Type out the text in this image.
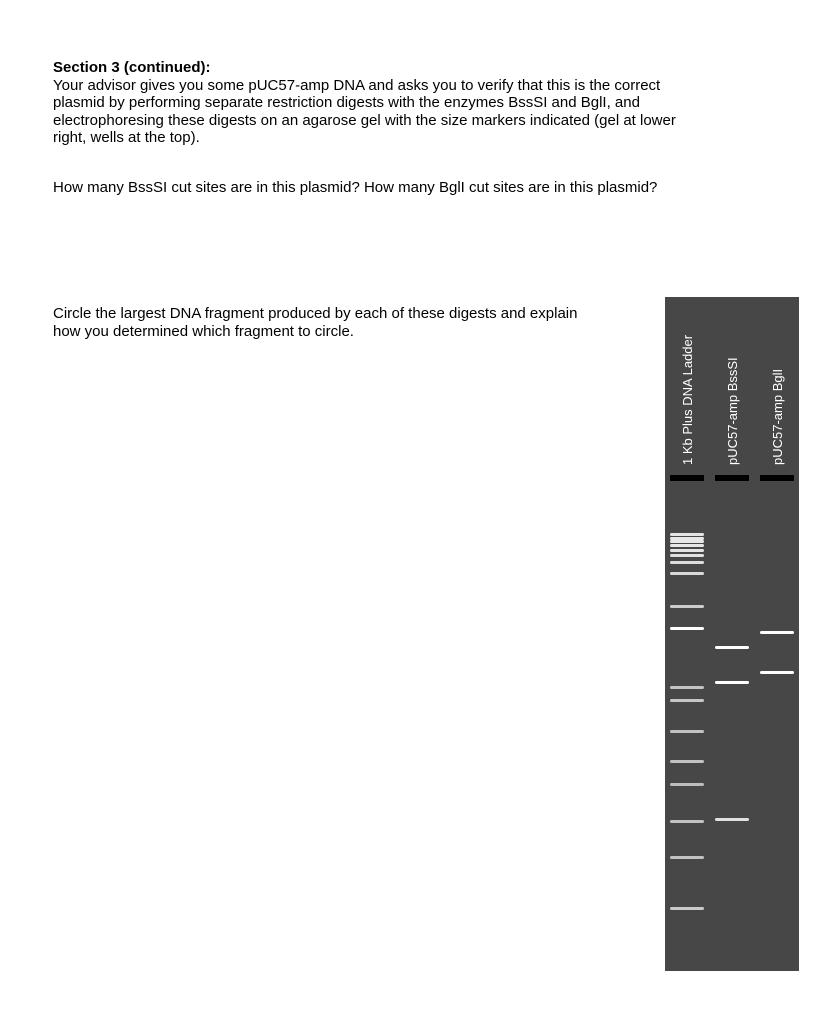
Section 3 (continued):
Your advisor gives you some pUC57-amp DNA and asks you to verify that this is the correct
plasmid by performing separate restriction digests with the enzymes BssSI and BglI, and
electrophoresing these digests on an agarose gel with the size markers indicated (gel at lower
right, wells at the top).
How many BssSI cut sites are in this plasmid? How many BglI cut sites are in this plasmid?
Circle the largest DNA fragment produced by each of these digests and explain
how you determined which fragment to circle.
1 Kb Plus DNA Ladder pUC57-amp BssSI pUC57-amp BglI
